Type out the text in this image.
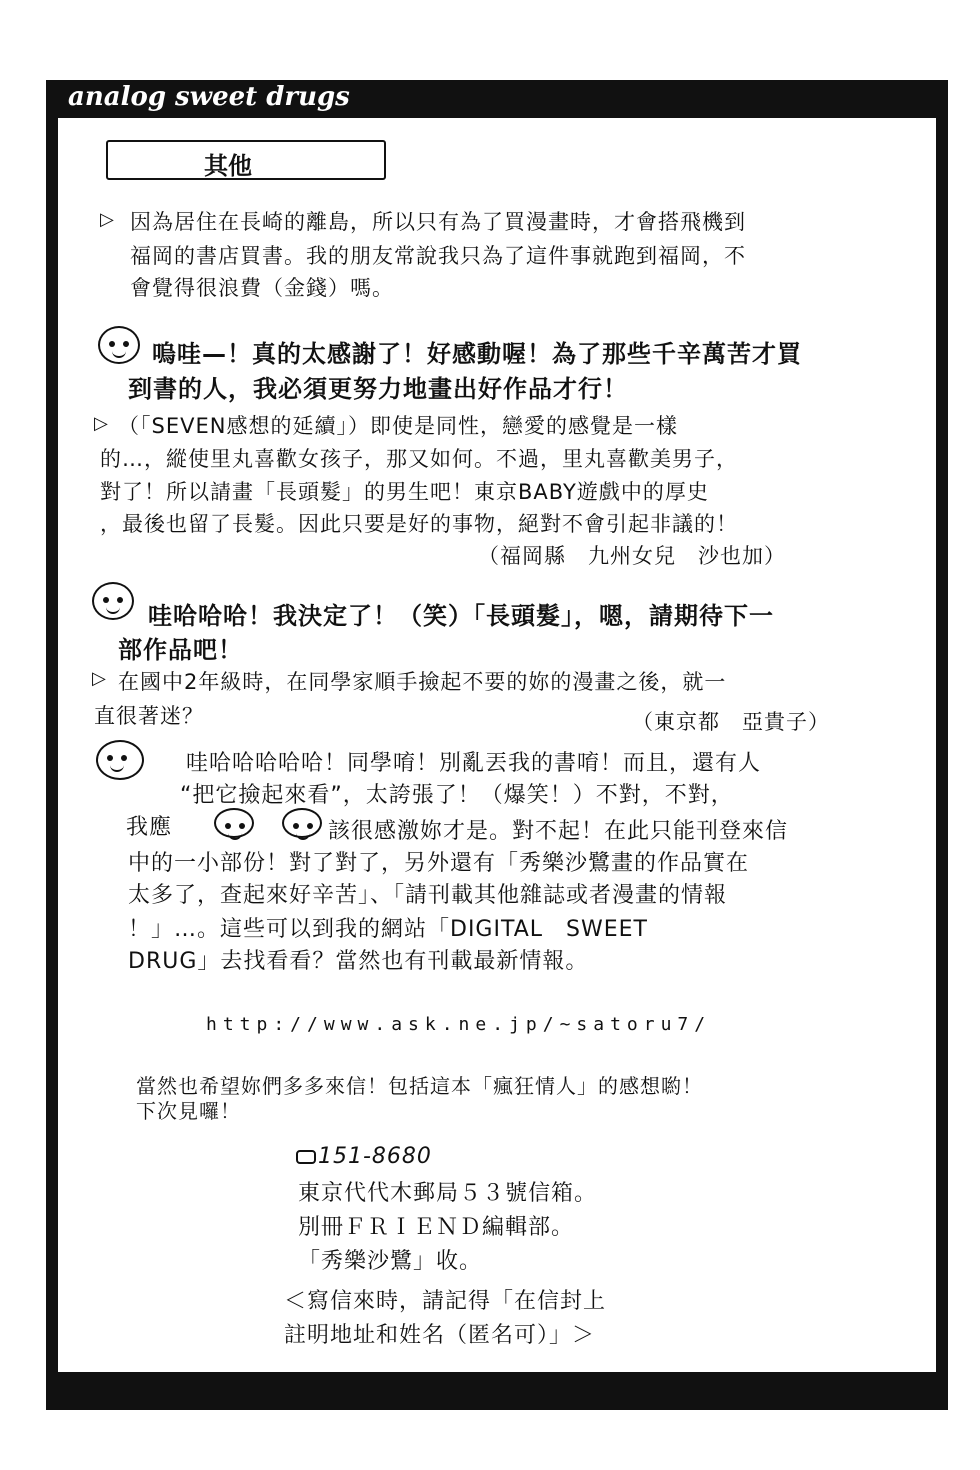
analog sweet drugs
其他
▷ 因為居住在長崎的離島，所以只有為了買漫畫時，才會搭飛機到
福岡的書店買書。我的朋友常說我只為了這件事就跑到福岡，不
會覺得很浪費（金錢）嗎。
嗚哇—！真的太感謝了！好感動喔！為了那些千辛萬苦才買
到書的人，我必須更努力地畫出好作品才行！
▷ （「SEVEN感想的延續」）即使是同性，戀愛的感覺是一樣
的…，縱使里丸喜歡女孩子，那又如何。不過，里丸喜歡美男子，
對了！所以請畫「長頭髮」的男生吧！東京BABY遊戲中的厚史
，最後也留了長髮。因此只要是好的事物，絕對不會引起非議的！
（福岡縣　九州女兒　沙也加）
哇哈哈哈！我決定了！（笑）「長頭髮」，嗯，請期待下一
部作品吧！
▷ 在國中2年級時，在同學家順手撿起不要的妳的漫畫之後，就一
直很著迷？	（東京都　亞貴子）
哇哈哈哈哈哈！同學唷！別亂丟我的書唷！而且，還有人
“把它撿起來看”，太誇張了！（爆笑！）不對，不對，
我應	該很感激妳才是。對不起！在此只能刊登來信
中的一小部份！對了對了，另外還有「秀樂沙鷺畫的作品實在
太多了，查起來好辛苦」、「請刊載其他雜誌或者漫畫的情報
！」…。這些可以到我的網站「DIGITAL　SWEET
DRUG」去找看看？當然也有刊載最新情報。
http://www.ask.ne.jp/~satoru7/
當然也希望妳們多多來信！包括這本「瘋狂情人」的感想喲！
下次見囉！
151-8680
東京代代木郵局５３號信箱。
別冊ＦＲＩＥＮＤ編輯部。
「秀樂沙鷺」收。
＜寫信來時，請記得「在信封上
註明地址和姓名（匿名可）」＞
